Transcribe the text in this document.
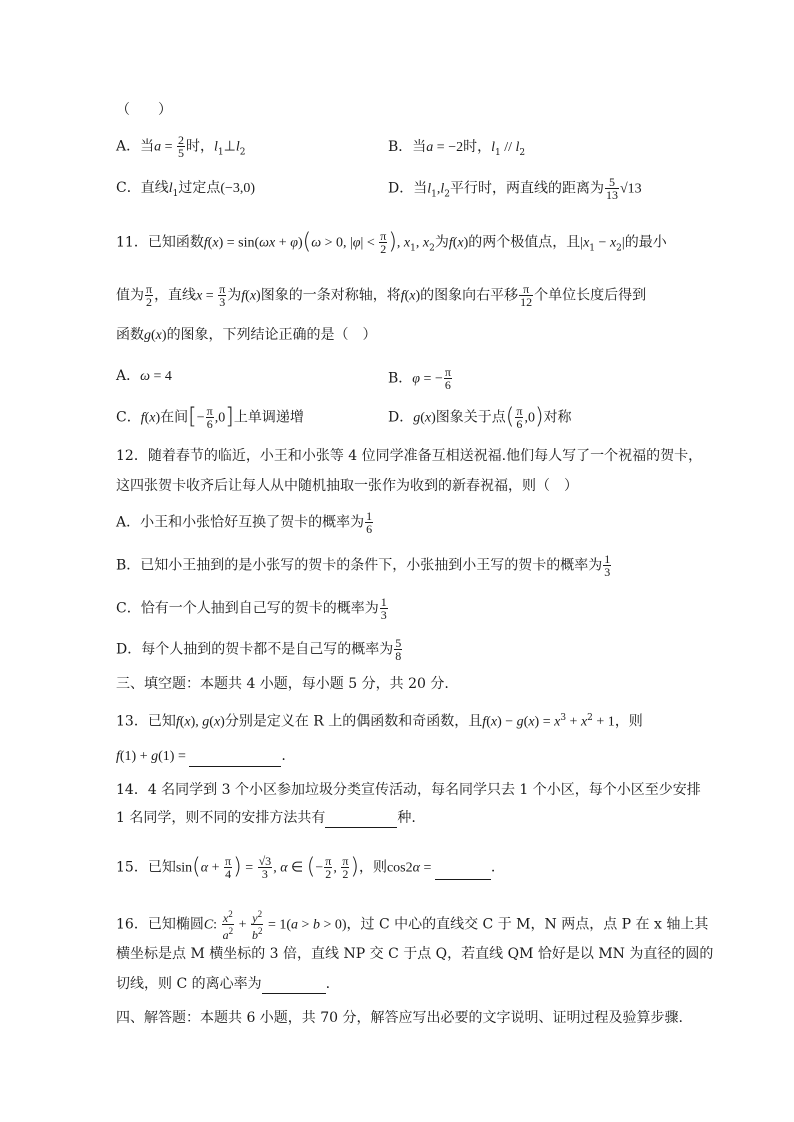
（　　）
A．当$a = \frac{2}{5}$ 时，$l_1\perp l_2$	B．当a = −2时，$l_1 // l_2$
C．直线$l_1$过定点(−3,0)	D．当$l_1,l_2$平行时，两直线的距离为 $\frac{5}{13} √13$
11．已知函数f(x) = sin(ωx + φ)(ω > 0, $|\varphi| < \frac{\pi}{2}$ ), $x_1$, $x_2$为f(x)的两个极值点，且$|x_1 - x_2|$的最小
值为 $\frac{\pi}{2}$ ，直线$x = \frac{\pi}{3}$ 为f(x)图象的一条对称轴，将f(x)的图象向右平移 $\frac{\pi}{12}$ 个单位长度后得到
函数g(x)的图象，下列结论正确的是（　）
A．ω = 4	B．φ = − $\frac{\pi}{6}$
C．f(x)在间[− $\frac{\pi}{6} ,0$]上单调递增	D．g(x)图象关于点( $\frac{\pi}{6} ,0$)对称
12．随着春节的临近，小王和小张等 4 位同学准备互相送祝福.他们每人写了一个祝福的贺卡，
这四张贺卡收齐后让每人从中随机抽取一张作为收到的新春祝福，则（　）
A．小王和小张恰好互换了贺卡的概率为 $\frac{1}{6}$
B．已知小王抽到的是小张写的贺卡的条件下，小张抽到小王写的贺卡的概率为 $\frac{1}{3}$
C．恰有一个人抽到自己写的贺卡的概率为 $\frac{1}{3}$
D．每个人抽到的贺卡都不是自己写的概率为 $\frac{5}{8}$
三、填空题：本题共 4 小题，每小题 5 分，共 20 分.
13．已知f(x), g(x)分别是定义在 R 上的偶函数和奇函数，且$f(x) - g(x) = x^3 + x^2 + 1$，则
f(1) + g(1) =	.
14．4 名同学到 3 个小区参加垃圾分类宣传活动，每名同学只去 1 个小区，每个小区至少安排
1 名同学，则不同的安排方法共有	种.
15．已知$\sin(\alpha + \frac{\pi}{4}$ ) = $\frac{√3}{3}$ , α ∈ (− $\frac{\pi}{2}$ , $\frac{\pi}{2}$ )，则cos2α =	.
16．已知椭圆C: $\frac{x^2}{a^2} + \frac{y^2}{b^2} = 1(a > b > 0)$，过 C 中心的直线交 C 于 M，N 两点，点 P 在 x 轴上其
横坐标是点 M 横坐标的 3 倍，直线 NP 交 C 于点 Q，若直线 QM 恰好是以 MN 为直径的圆的
切线，则 C 的离心率为	.
四、解答题：本题共 6 小题，共 70 分，解答应写出必要的文字说明、证明过程及验算步骤.
